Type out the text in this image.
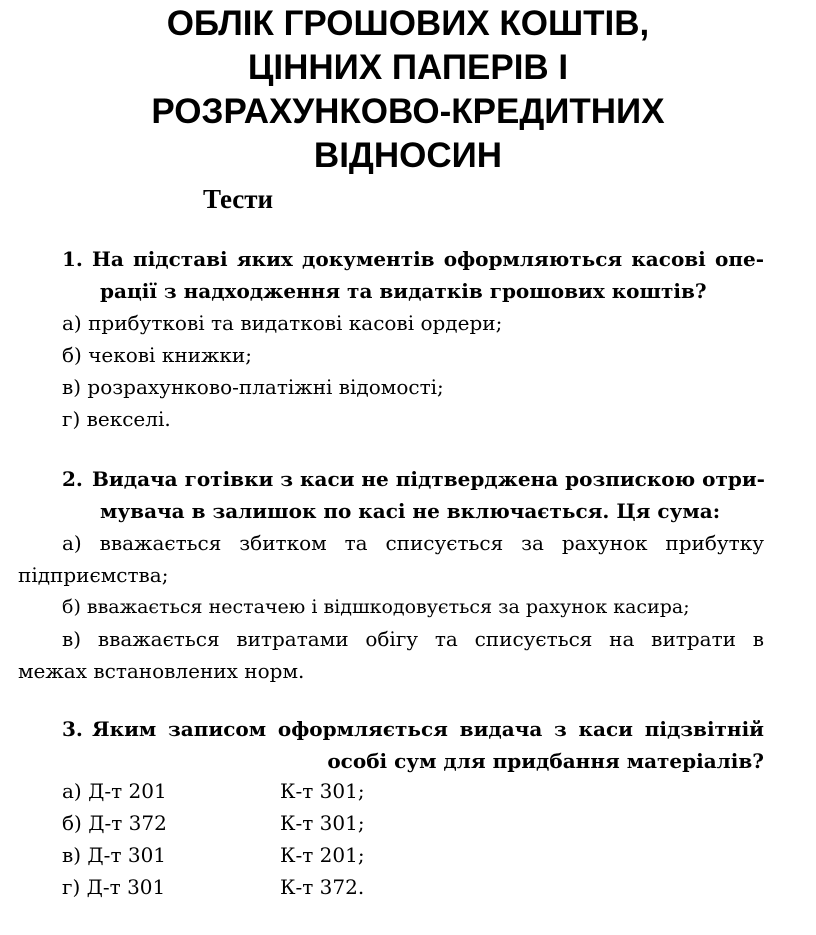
ОБЛІК ГРОШОВИХ КОШТІВ,
ЦІННИХ ПАПЕРІВ І
РОЗРАХУНКОВО-КРЕДИТНИХ
ВІДНОСИН
Тести
1. На підставі яких документів оформляються касові опе-
рації з надходження та видатків грошових коштів?
а) прибуткові та видаткові касові ордери;
б) чекові книжки;
в) розрахунково-платіжні відомості;
г) векселі.
2. Видача готівки з каси не підтверджена розпискою отри-
мувача в залишок по касі не включається. Ця сума:
а) вважається збитком та списується за рахунок прибутку
підприємства;
б) вважається нестачею і відшкодовується за рахунок касира;
в) вважається витратами обігу та списується на витрати в
межах встановлених норм.
3. Яким записом оформляється видача з каси підзвітній
особі сум для придбання матеріалів?
а) Д-т 201	К-т 301;
б) Д-т 372	К-т 301;
в) Д-т 301	К-т 201;
г) Д-т 301	К-т 372.
